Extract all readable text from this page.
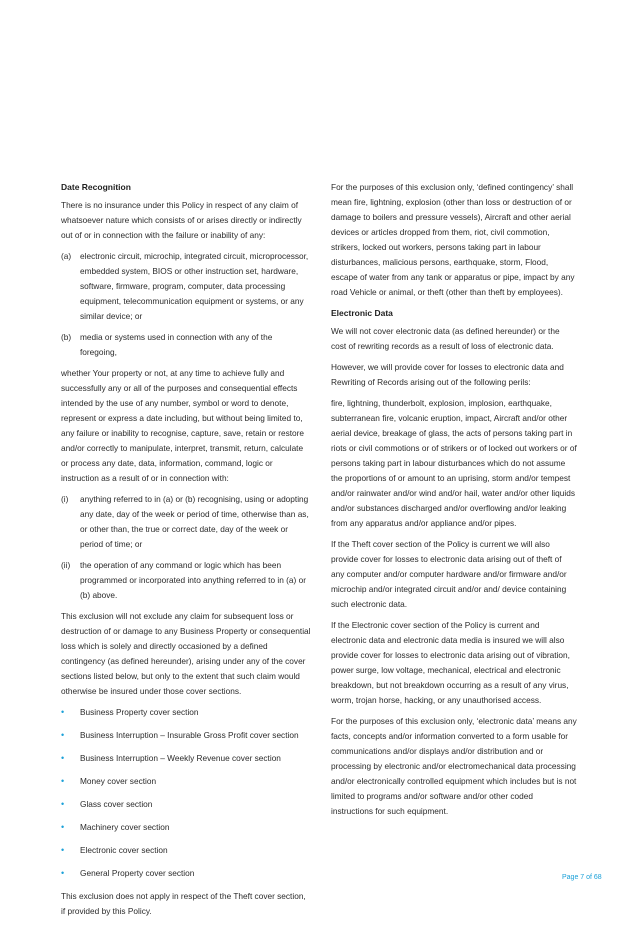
Date Recognition

There is no insurance under this Policy in respect of any claim of whatsoever nature which consists of or arises directly or indirectly out of or in connection with the failure or inability of any:

(a)	electronic circuit, microchip, integrated circuit, microprocessor, embedded system, BIOS or other instruction set, hardware, software, firmware, program, computer, data processing equipment, telecommunication equipment or systems, or any similar device; or
(b)	media or systems used in connection with any of the foregoing,

whether Your property or not, at any time to achieve fully and successfully any or all of the purposes and consequential effects intended by the use of any number, symbol or word to denote, represent or express a date including, but without being limited to, any failure or inability to recognise, capture, save, retain or restore and/or correctly to manipulate, interpret, transmit, return, calculate or process any date, data, information, command, logic or instruction as a result of or in connection with:

(i)	anything referred to in (a) or (b) recognising, using or adopting any date, day of the week or period of time, otherwise than as, or other than, the true or correct date, day of the week or period of time; or
(ii)	the operation of any command or logic which has been programmed or incorporated into anything referred to in (a) or (b) above.

This exclusion will not exclude any claim for subsequent loss or destruction of or damage to any Business Property or consequential loss which is solely and directly occasioned by a defined contingency (as defined hereunder), arising under any of the cover sections listed below, but only to the extent that such claim would otherwise be insured under those cover sections.

•	Business Property cover section
•	Business Interruption – Insurable Gross Profit cover section
•	Business Interruption – Weekly Revenue cover section
•	Money cover section
•	Glass cover section
•	Machinery cover section
•	Electronic cover section
•	General Property cover section

This exclusion does not apply in respect of the Theft cover section, if provided by this Policy.

For the purposes of this exclusion only, ‘defined contingency’ shall mean fire, lightning, explosion (other than loss or destruction of or damage to boilers and pressure vessels), Aircraft and other aerial devices or articles dropped from them, riot, civil commotion, strikers, locked out workers, persons taking part in labour disturbances, malicious persons, earthquake, storm, Flood, escape of water from any tank or apparatus or pipe, impact by any road Vehicle or animal, or theft (other than theft by employees).

Electronic Data

We will not cover electronic data (as defined hereunder) or the cost of rewriting records as a result of loss of electronic data.

However, we will provide cover for losses to electronic data and Rewriting of Records arising out of the following perils:

fire, lightning, thunderbolt, explosion, implosion, earthquake, subterranean fire, volcanic eruption, impact, Aircraft and/or other aerial device, breakage of glass, the acts of persons taking part in riots or civil commotions or of strikers or of locked out workers or of persons taking part in labour disturbances which do not assume the proportions of or amount to an uprising, storm and/or tempest and/or rainwater and/or wind and/or hail, water and/or other liquids and/or substances discharged and/or overflowing and/or leaking from any apparatus and/or appliance and/or pipes.

If the Theft cover section of the Policy is current we will also provide cover for losses to electronic data arising out of theft of any computer and/or computer hardware and/or firmware and/or microchip and/or integrated circuit and/or and/ device containing such electronic data.

If the Electronic cover section of the Policy is current and electronic data and electronic data media is insured we will also provide cover for losses to electronic data arising out of vibration, power surge, low voltage, mechanical, electrical and electronic breakdown, but not breakdown occurring as a result of any virus, worm, trojan horse, hacking, or any unauthorised access.

For the purposes of this exclusion only, ‘electronic data’ means any facts, concepts and/or information converted to a form usable for communications and/or displays and/or distribution and or processing by electronic and/or electromechanical data processing and/or electronically controlled equipment which includes but is not limited to programs and/or software and/or other coded instructions for such equipment.

Page 7 of 68
